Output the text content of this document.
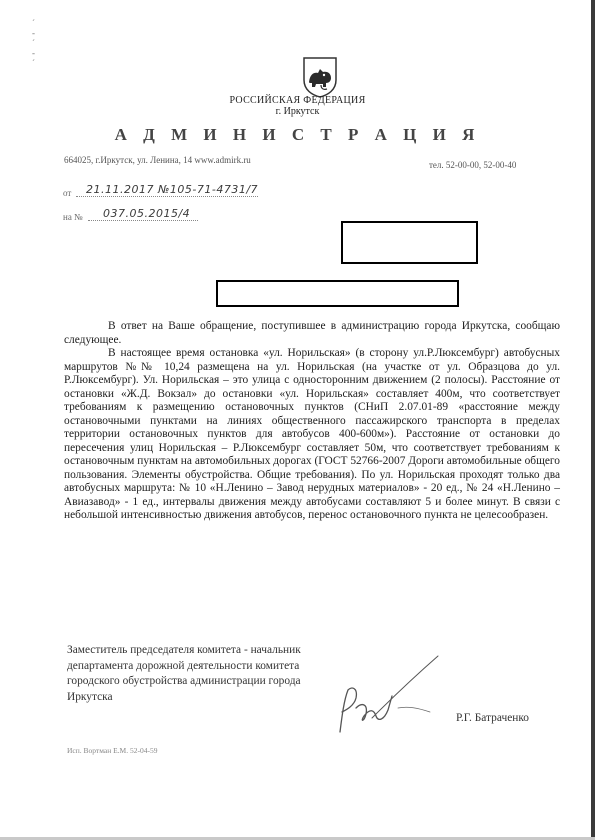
ˊ
-
ˊ
-
ˊ
РОССИЙСКАЯ ФЕДЕРАЦИЯ
г. Иркутск
А Д М И Н И С Т Р А Ц И Я
664025, г.Иркутск, ул. Ленина, 14 www.admirk.ru	тел. 52-00-00, 52-00-40
от 21.11.2017 №105-71-4731/7
на № 037.05.2015/4

В ответ на Ваше обращение, поступившее в администрацию города Иркутска, сообщаю следующее.

В настоящее время остановка «ул. Норильская» (в сторону ул.Р.Люксембург) автобусных маршрутов №№ 10,24 размещена на ул. Норильская (на участке от ул. Образцова до ул. Р.Люксембург). Ул. Норильская – это улица с односторонним движением (2 полосы). Расстояние от остановки «Ж.Д. Вокзал» до остановки «ул. Норильская» составляет 400м, что соответствует требованиям к размещению остановочных пунктов (СНиП 2.07.01-89 «расстояние между остановочными пунктами на линиях общественного пассажирского транспорта в пределах территории остановочных пунктов для автобусов 400-600м»). Расстояние от остановки до пересечения улиц Норильская – Р.Люксембург составляет 50м, что соответствует требованиям к остановочным пунктам на автомобильных дорогах (ГОСТ 52766-2007 Дороги автомобильные общего пользования. Элементы обустройства. Общие требования). По ул. Норильская проходят только два автобусных маршрута: № 10 «Н.Ленино – Завод нерудных материалов» - 20 ед., № 24 «Н.Ленино – Авиазавод» - 1 ед., интервалы движения между автобусами составляют 5 и более минут. В связи с небольшой интенсивностью движения автобусов, перенос остановочного пункта не целесообразен.

Заместитель председателя комитета - начальник департамента дорожной деятельности комитета городского обустройства администрации города Иркутска
Р.Г. Батраченко
Исп. Вортман Е.М. 52-04-59
